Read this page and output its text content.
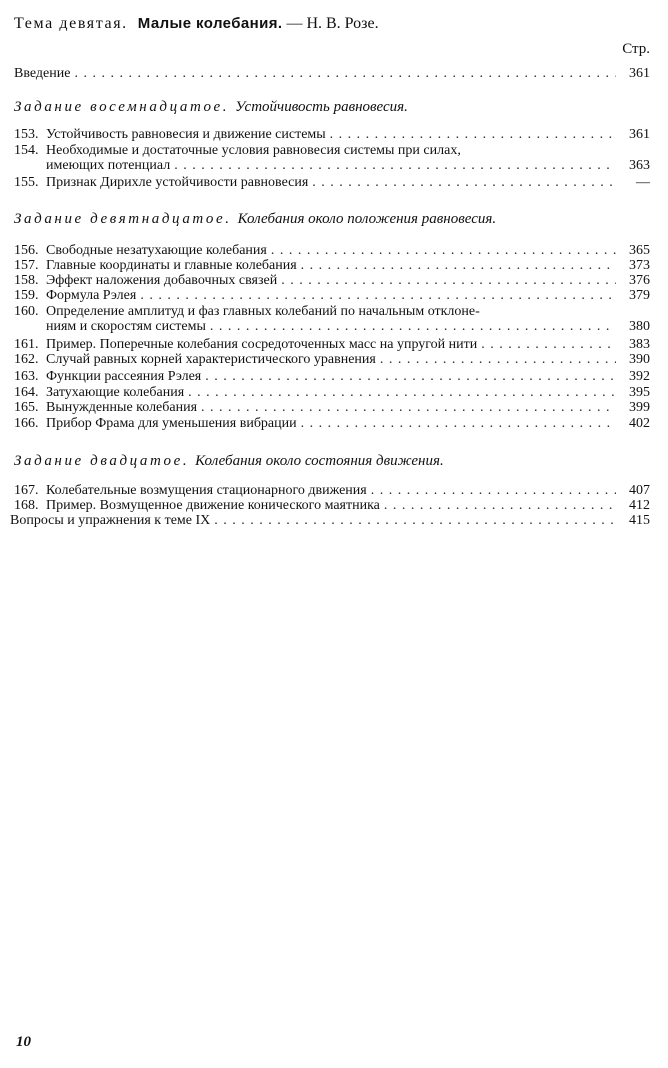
Тема девятая. Малые колебания. — Н. В. Розе.
Стр.
Введение . . .	361
Задание восемнадцатое. Устойчивость равновесия.
153. Устойчивость равновесия и движение системы . . .	361
154. Необходимые и достаточные условия равновесия системы при силах,
имеющих потенциал . . .	363
155. Признак Дирихле устойчивости равновесия . . .	—
Задание девятнадцатое. Колебания около положения равновесия.
156. Свободные незатухающие колебания . . .	365
157. Главные координаты и главные колебания . . .	373
158. Эффект наложения добавочных связей . . .	376
159. Формула Рэлея . . .	379
160. Определение амплитуд и фаз главных колебаний по начальным отклоне-
ниям и скоростям системы . . .	380
161. Пример. Поперечные колебания сосредоточенных масс на упругой нити . . .	383
162. Случай равных корней характеристического уравнения . . .	390
163. Функции рассеяния Рэлея . . .	392
164. Затухающие колебания . . .	395
165. Вынужденные колебания . . .	399
166. Прибор Фрама для уменьшения вибрации . . .	402
Задание двадцатое. Колебания около состояния движения.
167. Колебательные возмущения стационарного движения . . .	407
168. Пример. Возмущенное движение конического маятника . . .	412
Вопросы и упражнения к теме IX . . .	415
10
